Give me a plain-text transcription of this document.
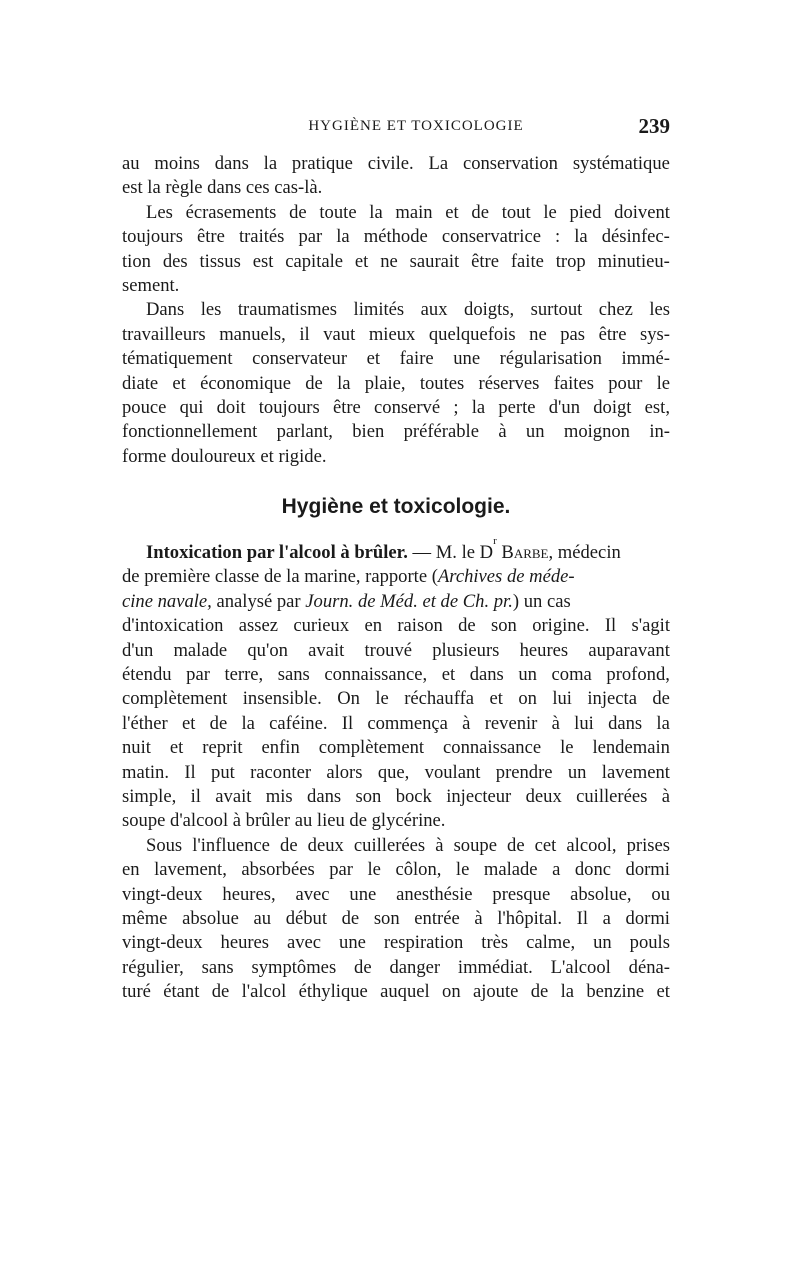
HYGIÈNE ET TOXICOLOGIE	239
au moins dans la pratique civile. La conservation systématique
est la règle dans ces cas-là.
Les écrasements de toute la main et de tout le pied doivent
toujours être traités par la méthode conservatrice : la désinfec-
tion des tissus est capitale et ne saurait être faite trop minutieu-
sement.
Dans les traumatismes limités aux doigts, surtout chez les
travailleurs manuels, il vaut mieux quelquefois ne pas être sys-
tématiquement conservateur et faire une régularisation immé-
diate et économique de la plaie, toutes réserves faites pour le
pouce qui doit toujours être conservé ; la perte d'un doigt est,
fonctionnellement parlant, bien préférable à un moignon in-
forme douloureux et rigide.
Hygiène et toxicologie.
Intoxication par l'alcool à brûler. — M. le D
r
Barbe , médecin
de première classe de la marine, rapporte ( Archives de méde-
cine navale, analysé par Journ. de Méd. et de Ch. pr. ) un cas
d'intoxication assez curieux en raison de son origine. Il s'agit
d'un malade qu'on avait trouvé plusieurs heures auparavant
étendu par terre, sans connaissance, et dans un coma profond,
complètement insensible. On le réchauffa et on lui injecta de
l'éther et de la caféine. Il commença à revenir à lui dans la
nuit et reprit enfin complètement connaissance le lendemain
matin. Il put raconter alors que, voulant prendre un lavement
simple, il avait mis dans son bock injecteur deux cuillerées à
soupe d'alcool à brûler au lieu de glycérine.
Sous l'influence de deux cuillerées à soupe de cet alcool, prises
en lavement, absorbées par le côlon, le malade a donc dormi
vingt-deux heures, avec une anesthésie presque absolue, ou
même absolue au début de son entrée à l'hôpital. Il a dormi
vingt-deux heures avec une respiration très calme, un pouls
régulier, sans symptômes de danger immédiat. L'alcool déna-
turé étant de l'alcol éthylique auquel on ajoute de la benzine et
